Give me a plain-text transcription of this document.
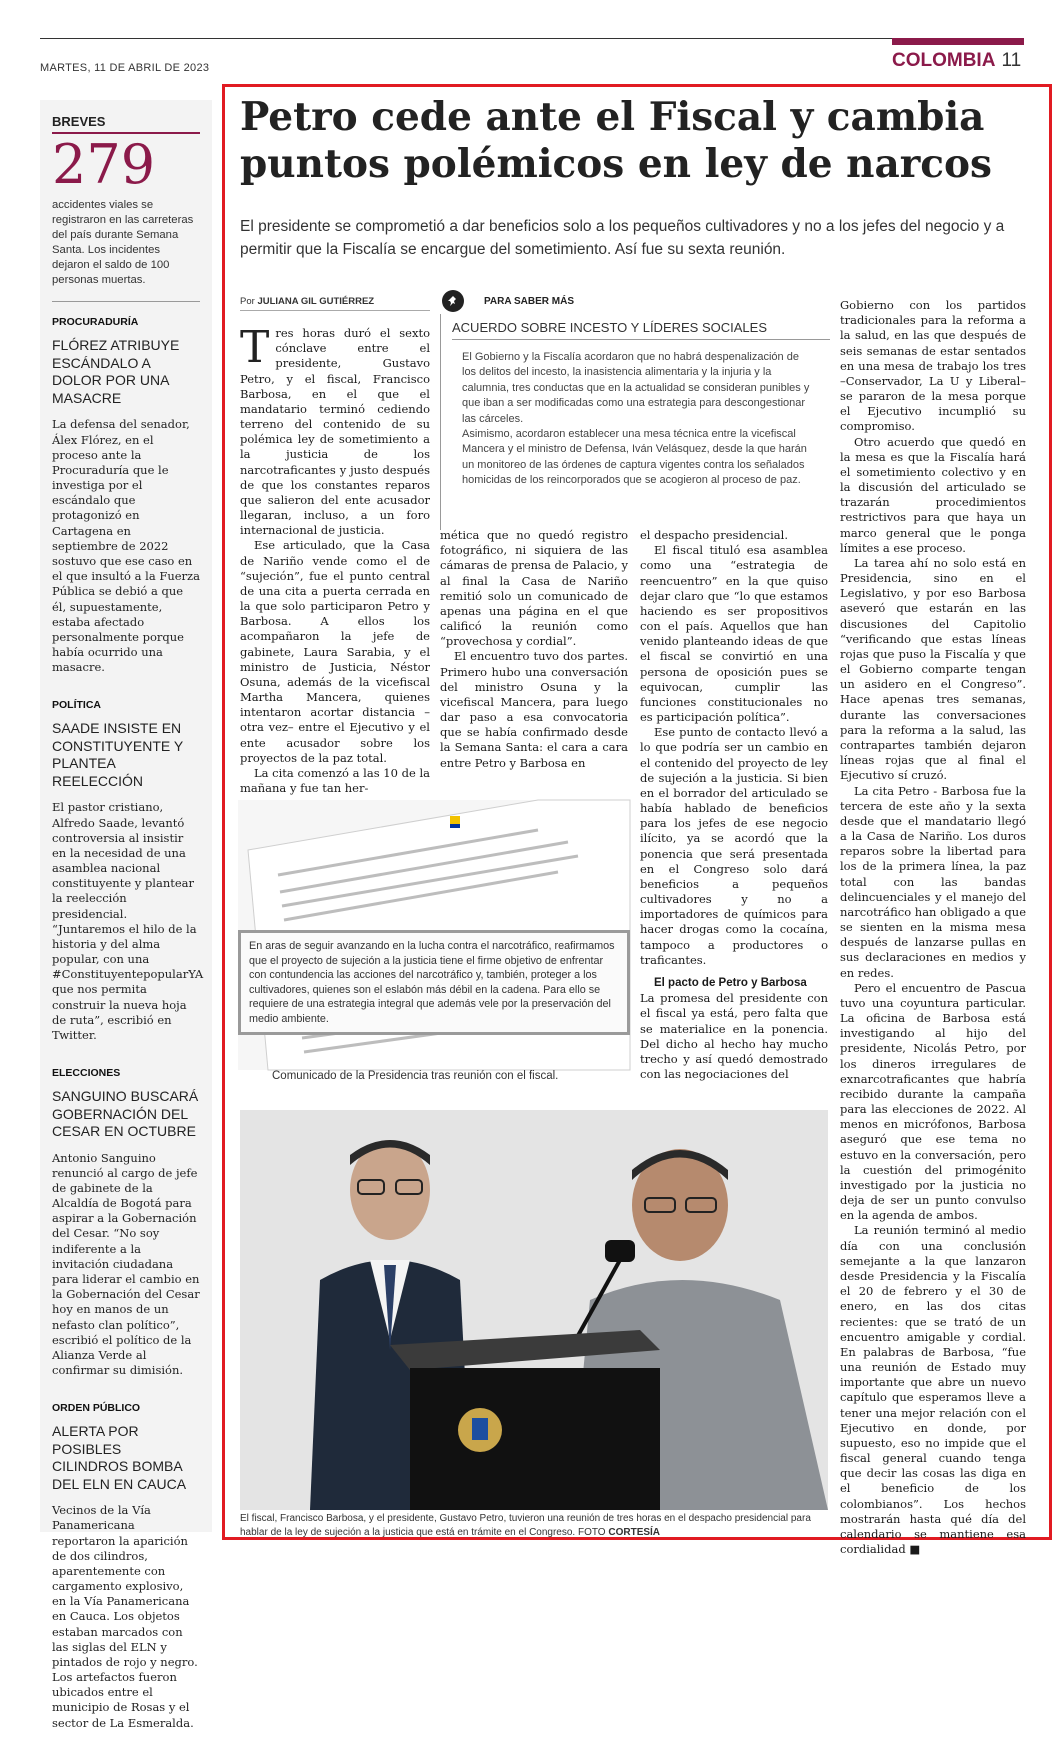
MARTES, 11 DE ABRIL DE 2023	COLOMBIA 11
BREVES
279
accidentes viales se registraron en las carreteras del país durante Semana Santa. Los incidentes dejaron el saldo de 100 personas muertas.
PROCURADURÍA
FLÓREZ ATRIBUYE ESCÁNDALO A DOLOR POR UNA MASACRE
La defensa del senador, Álex Flórez, en el proceso ante la Procuraduría que le investiga por el escándalo que protagonizó en Cartagena en septiembre de 2022 sostuvo que ese caso en el que insultó a la Fuerza Pública se debió a que él, supuestamente, estaba afectado personalmente porque había ocurrido una masacre.
POLÍTICA
SAADE INSISTE EN CONSTITUYENTE Y PLANTEA REELECCIÓN
El pastor cristiano, Alfredo Saade, levantó controversia al insistir en la necesidad de una asamblea nacional constituyente y plantear la reelección presidencial. “Juntaremos el hilo de la historia y del alma popular, con una #ConstituyentepopularYA que nos permita construir la nueva hoja de ruta”, escribió en Twitter.
ELECCIONES
SANGUINO BUSCARÁ GOBERNACIÓN DEL CESAR EN OCTUBRE
Antonio Sanguino renunció al cargo de jefe de gabinete de la Alcaldía de Bogotá para aspirar a la Gobernación del Cesar. “No soy indiferente a la invitación ciudadana para liderar el cambio en la Gobernación del Cesar hoy en manos de un nefasto clan político”, escribió el político de la Alianza Verde al confirmar su dimisión.
ORDEN PÚBLICO
ALERTA POR POSIBLES CILINDROS BOMBA DEL ELN EN CAUCA
Vecinos de la Vía Panamericana reportaron la aparición de dos cilindros, aparentemente con cargamento explosivo, en la Vía Panamericana en Cauca. Los objetos estaban marcados con las siglas del ELN y pintados de rojo y negro. Los artefactos fueron ubicados entre el municipio de Rosas y el sector de La Esmeralda.
Petro cede ante el Fiscal y cambia puntos polémicos en ley de narcos

El presidente se comprometió a dar beneficios solo a los pequeños cultivadores y no a los jefes del negocio y a permitir que la Fiscalía se encargue del sometimiento. Así fue su sexta reunión.

Por JULIANA GIL GUTIÉRREZ

Tres horas duró el sexto cónclave entre el presidente, Gustavo Petro, y el fiscal, Francisco Barbosa, en el que el mandatario terminó cediendo terreno del contenido de su polémica ley de sometimiento a la justicia de los narcotraficantes y justo después de que los constantes reparos que salieron del ente acusador llegaran, incluso, a un foro internacional de justicia.

Ese articulado, que la Casa de Nariño vende como el de “sujeción”, fue el punto central de una cita a puerta cerrada en la que solo participaron Petro y Barbosa. A ellos los acompañaron la jefe de gabinete, Laura Sarabia, y el ministro de Justicia, Néstor Osuna, además de la vicefiscal Martha Mancera, quienes intentaron acortar distancia –otra vez– entre el Ejecutivo y el ente acusador sobre los proyectos de la paz total.

La cita comenzó a las 10 de la mañana y fue tan her-

PARA SABER MÁS
ACUERDO SOBRE INCESTO Y LÍDERES SOCIALES

El Gobierno y la Fiscalía acordaron que no habrá despenalización de los delitos del incesto, la inasistencia alimentaria y la injuria y la calumnia, tres conductas que en la actualidad se consideran punibles y que iban a ser modificadas como una estrategia para descongestionar las cárceles.

Asimismo, acordaron establecer una mesa técnica entre la vicefiscal Mancera y el ministro de Defensa, Iván Velásquez, desde la que harán un monitoreo de las órdenes de captura vigentes contra los señalados homicidas de los reincorporados que se acogieron al proceso de paz.

mética que no quedó registro fotográfico, ni siquiera de las cámaras de prensa de Palacio, y al final la Casa de Nariño remitió solo un comunicado de apenas una página en el que calificó la reunión como “provechosa y cordial”.

El encuentro tuvo dos partes. Primero hubo una conversación del ministro Osuna y la vicefiscal Mancera, para luego dar paso a esa convocatoria que se había confirmado desde la Semana Santa: el cara a cara entre Petro y Barbosa en

el despacho presidencial.

El fiscal tituló esa asamblea como una “estrategia de reencuentro” en la que quiso dejar claro que “lo que estamos haciendo es ser propositivos con el país. Aquellos que han venido planteando ideas de que el fiscal se convirtió en una persona de oposición pues se equivocan, cumplir las funciones constitucionales no es participación política”.

Ese punto de contacto llevó a lo que podría ser un cambio en el contenido del proyecto de ley de sujeción a la justicia. Si bien en el borrador del articulado se había hablado de beneficios para los jefes de ese negocio ilícito, ya se acordó que la ponencia que será presentada en el Congreso solo dará beneficios a pequeños cultivadores y no a importadores de químicos para hacer drogas como la cocaína, tampoco a productores o traficantes.

El pacto de Petro y Barbosa

La promesa del presidente con el fiscal ya está, pero falta que se materialice en la ponencia. Del dicho al hecho hay mucho trecho y así quedó demostrado con las negociaciones del

Gobierno con los partidos tradicionales para la reforma a la salud, en las que después de seis semanas de estar sentados en una mesa de trabajo los tres –Conservador, La U y Liberal– se pararon de la mesa porque el Ejecutivo incumplió su compromiso.

Otro acuerdo que quedó en la mesa es que la Fiscalía hará el sometimiento colectivo y en la discusión del articulado se trazarán procedimientos restrictivos para que haya un marco general que le ponga límites a ese proceso.

La tarea ahí no solo está en Presidencia, sino en el Legislativo, y por eso Barbosa aseveró que estarán en las discusiones del Capitolio “verificando que estas líneas rojas que puso la Fiscalía y que el Gobierno comparte tengan un asidero en el Congreso”. Hace apenas tres semanas, durante las conversaciones para la reforma a la salud, las contrapartes también dejaron líneas rojas que al final el Ejecutivo sí cruzó.

La cita Petro - Barbosa fue la tercera de este año y la sexta desde que el mandatario llegó a la Casa de Nariño. Los duros reparos sobre la libertad para los de la primera línea, la paz total con las bandas delincuenciales y el manejo del narcotráfico han obligado a que se sienten en la misma mesa después de lanzarse pullas en sus declaraciones en medios y en redes.

Pero el encuentro de Pascua tuvo una coyuntura particular. La oficina de Barbosa está investigando al hijo del presidente, Nicolás Petro, por los dineros irregulares de exnarcotraficantes que habría recibido durante la campaña para las elecciones de 2022. Al menos en micrófonos, Barbosa aseguró que ese tema no estuvo en la conversación, pero la cuestión del primogénito investigado por la justicia no deja de ser un punto convulso en la agenda de ambos.

La reunión terminó al medio día con una conclusión semejante a la que lanzaron desde Presidencia y la Fiscalía el 20 de febrero y el 30 de enero, en las dos citas recientes: que se trató de un encuentro amigable y cordial. En palabras de Barbosa, “fue una reunión de Estado muy importante que abre un nuevo capítulo que esperamos lleve a tener una mejor relación con el Ejecutivo en donde, por supuesto, eso no impide que el fiscal general cuando tenga que decir las cosas las diga en el beneficio de los colombianos”. Los hechos mostrarán hasta qué día del calendario se mantiene esa cordialidad ■

En aras de seguir avanzando en la lucha contra el narcotráfico, reafirmamos que el proyecto de sujeción a la justicia tiene el firme objetivo de enfrentar con contundencia las acciones del narcotráfico y, también, proteger a los cultivadores, quienes son el eslabón más débil en la cadena. Para ello se requiere de una estrategia integral que además vele por la preservación del medio ambiente.
Comunicado de la Presidencia tras reunión con el fiscal.
El fiscal, Francisco Barbosa, y el presidente, Gustavo Petro, tuvieron una reunión de tres horas en el despacho presidencial para hablar de la ley de sujeción a la justicia que está en trámite en el Congreso. FOTO CORTESÍA
